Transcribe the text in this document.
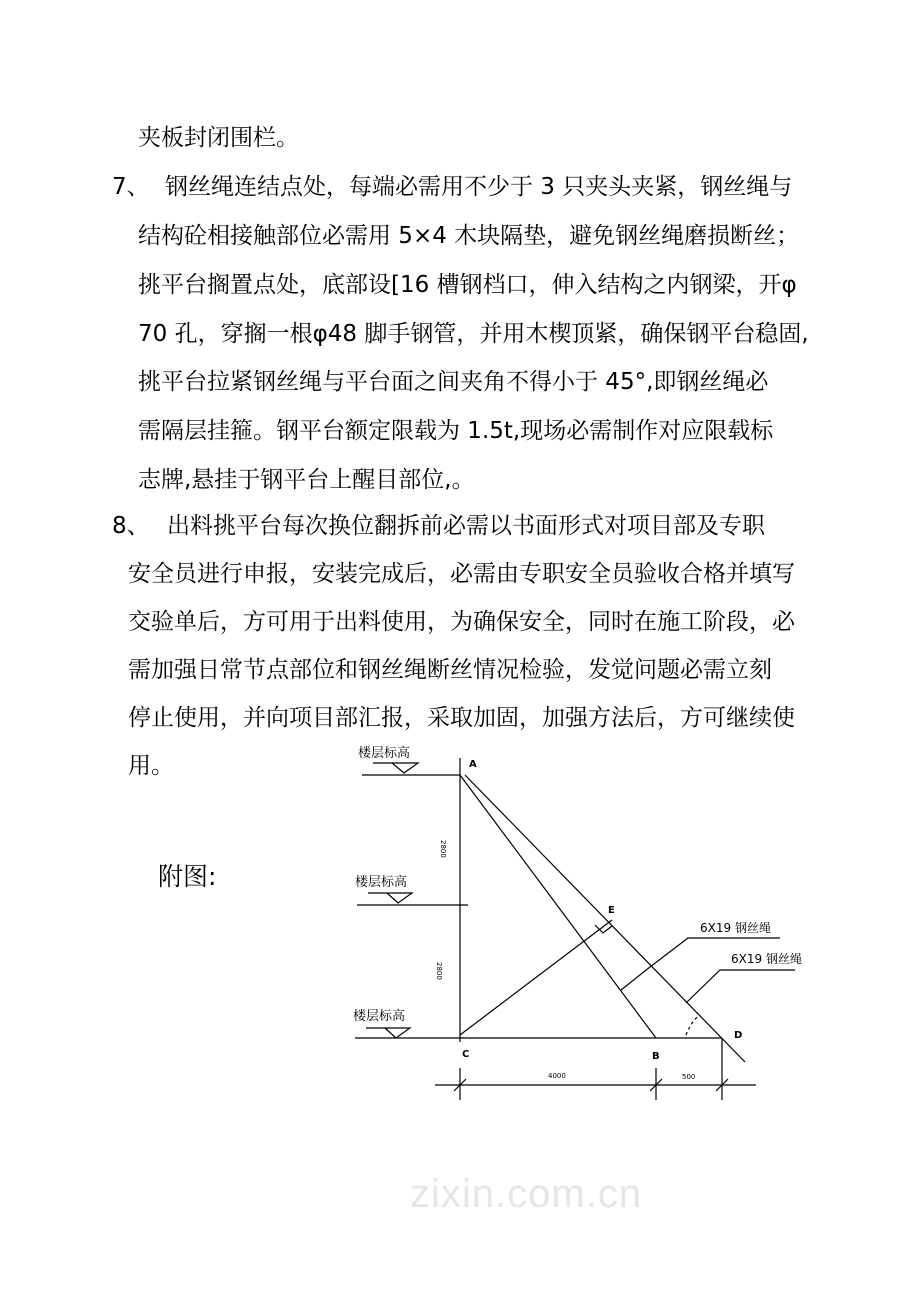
zixin.com.cn
夹板封闭围栏。
7、 钢丝绳连结点处，每端必需用不少于 3 只夹头夹紧，钢丝绳与
结构砼相接触部位必需用 5×4 木块隔垫，避免钢丝绳磨损断丝；
挑平台搁置点处，底部设[16 槽钢档口，伸入结构之内钢梁，开φ
70 孔，穿搁一根φ48 脚手钢管，并用木楔顶紧，确保钢平台稳固,
挑平台拉紧钢丝绳与平台面之间夹角不得小于 45°,即钢丝绳必
需隔层挂箍。钢平台额定限载为 1.5t,现场必需制作对应限载标
志牌,悬挂于钢平台上醒目部位,。
8、 出料挑平台每次换位翻拆前必需以书面形式对项目部及专职
安全员进行申报，安装完成后，必需由专职安全员验收合格并填写
交验单后，方可用于出料使用，为确保安全，同时在施工阶段，必
需加强日常节点部位和钢丝绳断丝情况检验，发觉问题必需立刻
停止使用，并向项目部汇报，采取加固，加强方法后，方可继续使
用。
附图:
楼层标高
楼层标高
楼层标高
A
E
C	B
D
6X19 钢丝绳
6X19 钢丝绳
4000	500
2800
2800
